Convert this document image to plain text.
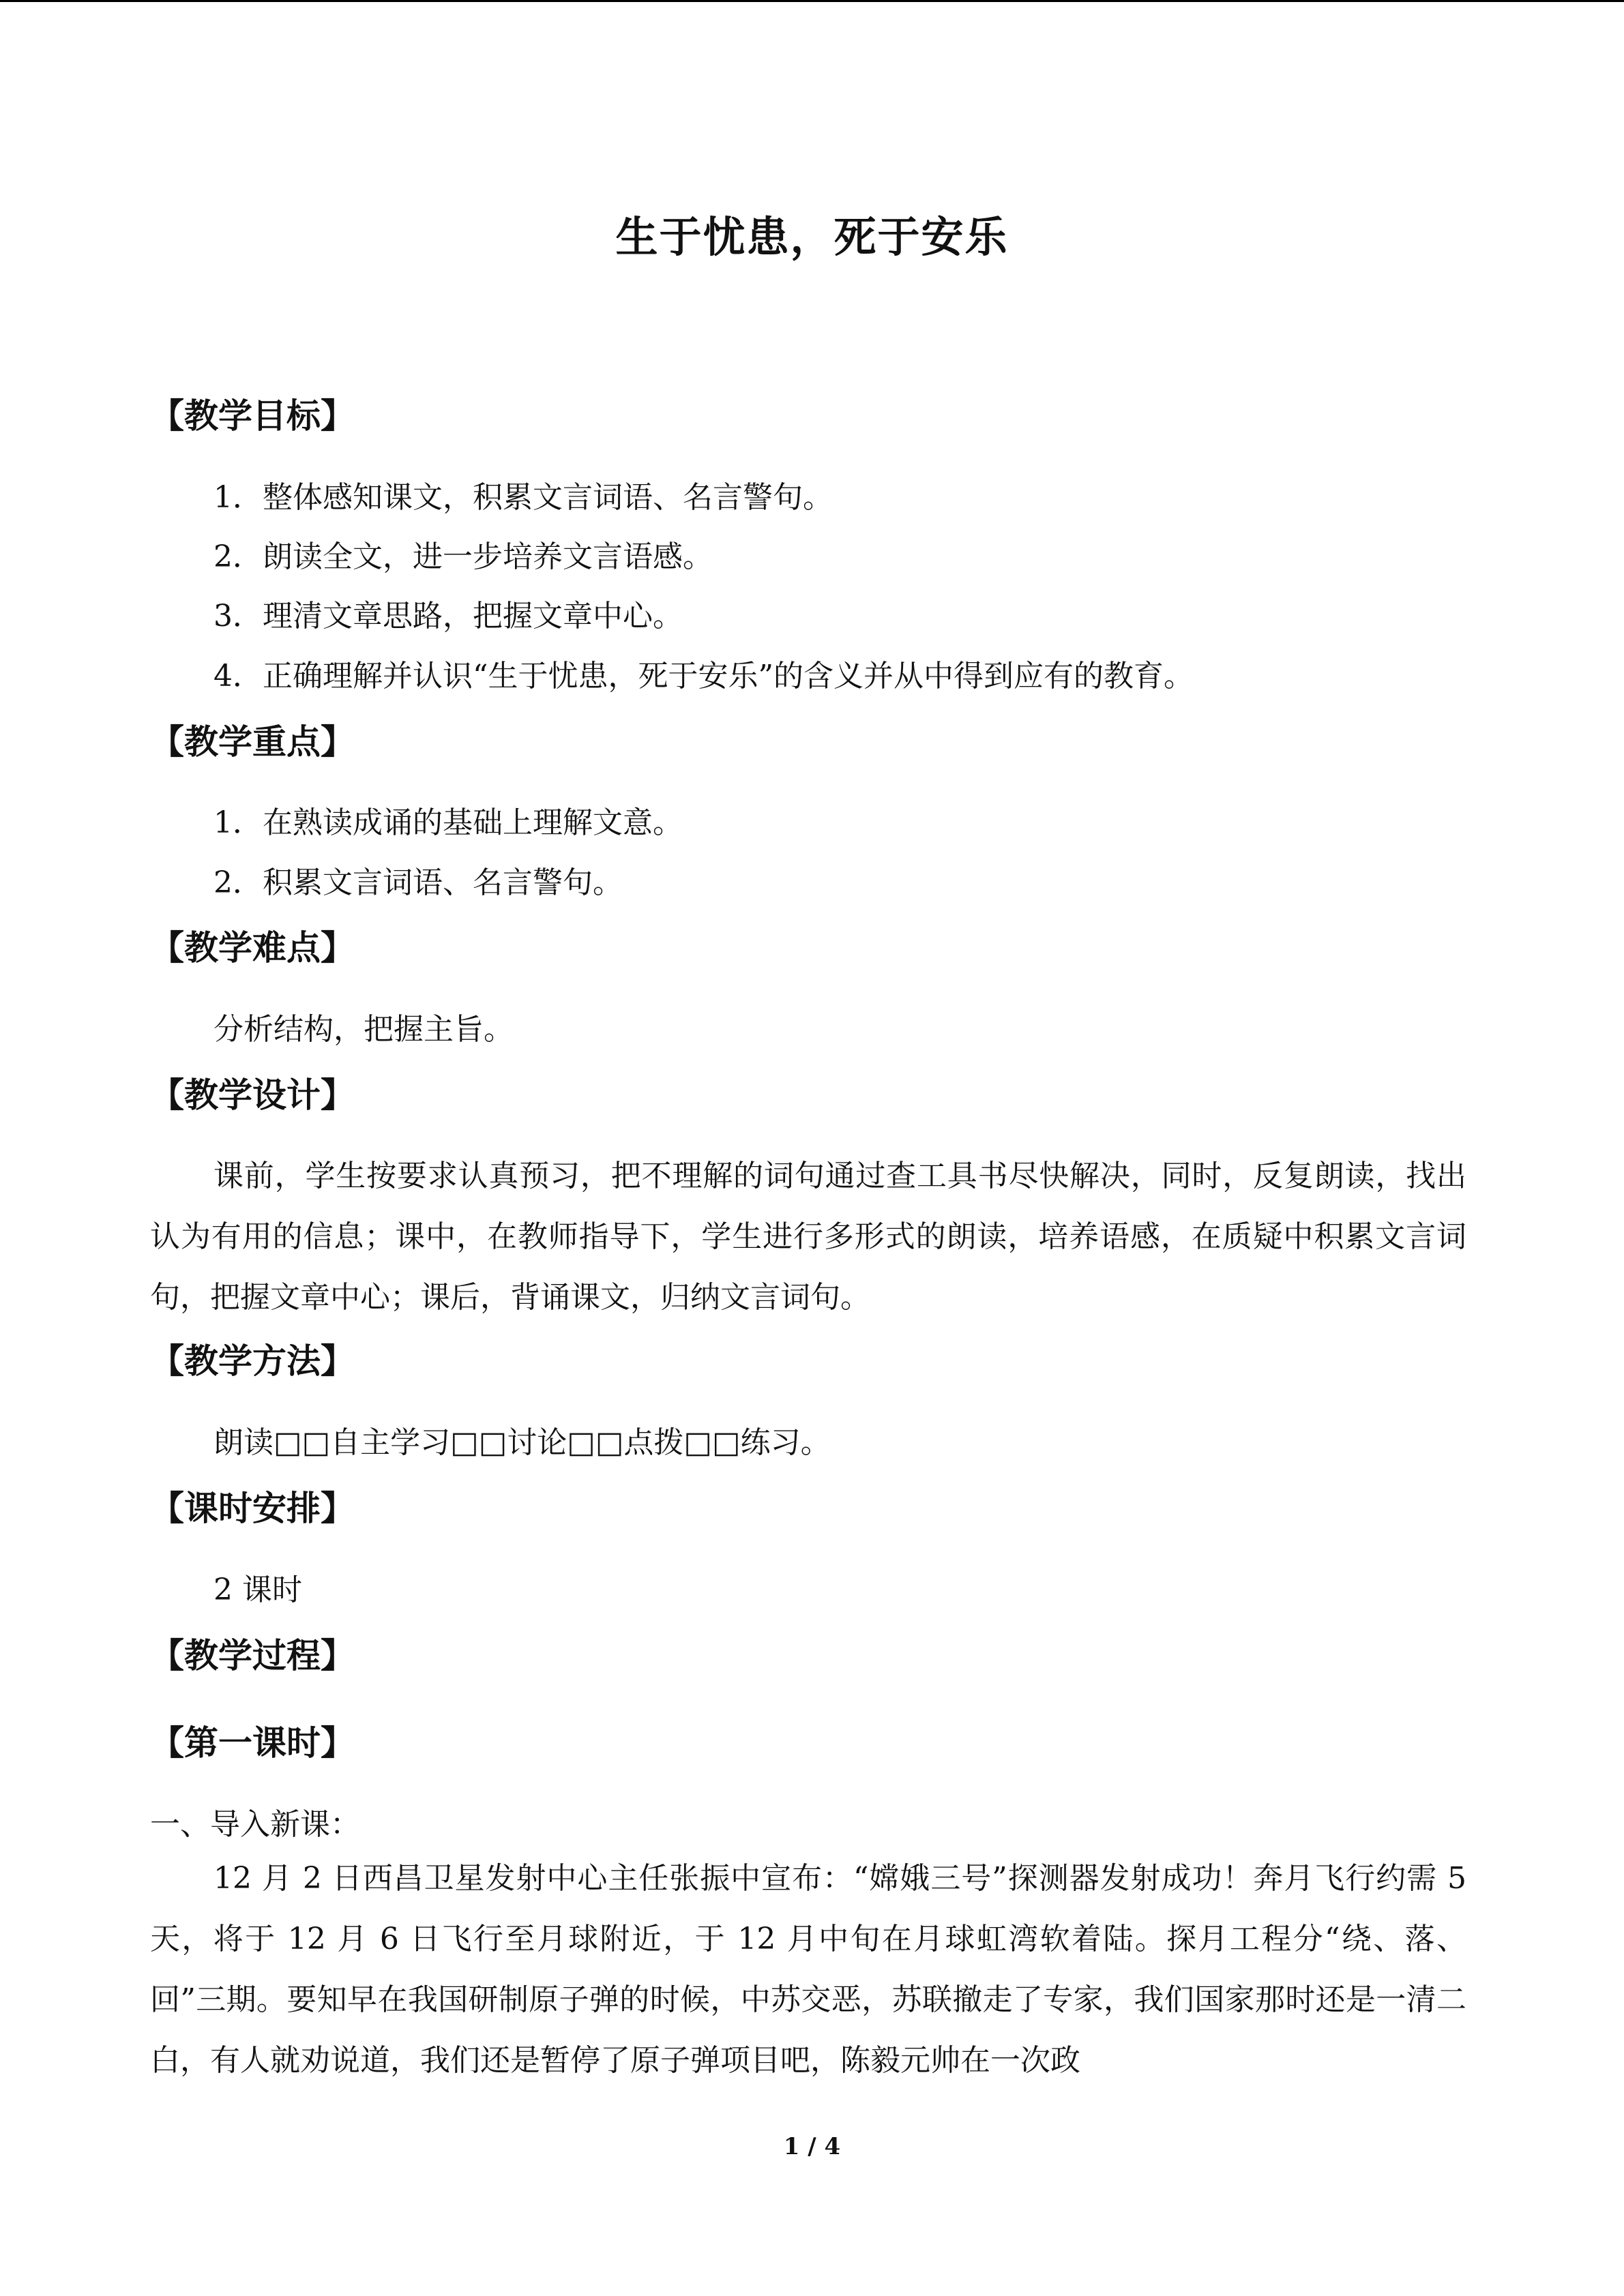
生于忧患，死于安乐
【教学目标】
1．整体感知课文，积累文言词语、名言警句。
2．朗读全文，进一步培养文言语感。
3．理清文章思路，把握文章中心。
4．正确理解并认识“生于忧患，死于安乐”的含义并从中得到应有的教育。
【教学重点】
1．在熟读成诵的基础上理解文意。
2．积累文言词语、名言警句。
【教学难点】
分析结构，把握主旨。
【教学设计】
课前，学生按要求认真预习，把不理解的词句通过查工具书尽快解决，同时，反复朗读，找出认为有用的信息；课中，在教师指导下，学生进行多形式的朗读，培养语感，在质疑中积累文言词句，把握文章中心；课后，背诵课文，归纳文言词句。
【教学方法】
朗读□□自主学习□□讨论□□点拨□□练习。
【课时安排】
2 课时
【教学过程】
【第一课时】
一、导入新课：
12 月 2 日西昌卫星发射中心主任张振中宣布：“嫦娥三号”探测器发射成功！奔月飞行约需 5 天，将于 12 月 6 日飞行至月球附近，于 12 月中旬在月球虹湾软着陆。探月工程分“绕、落、回”三期。要知早在我国研制原子弹的时候，中苏交恶，苏联撤走了专家，我们国家那时还是一清二白，有人就劝说道，我们还是暂停了原子弹项目吧，陈毅元帅在一次政
1 / 4
